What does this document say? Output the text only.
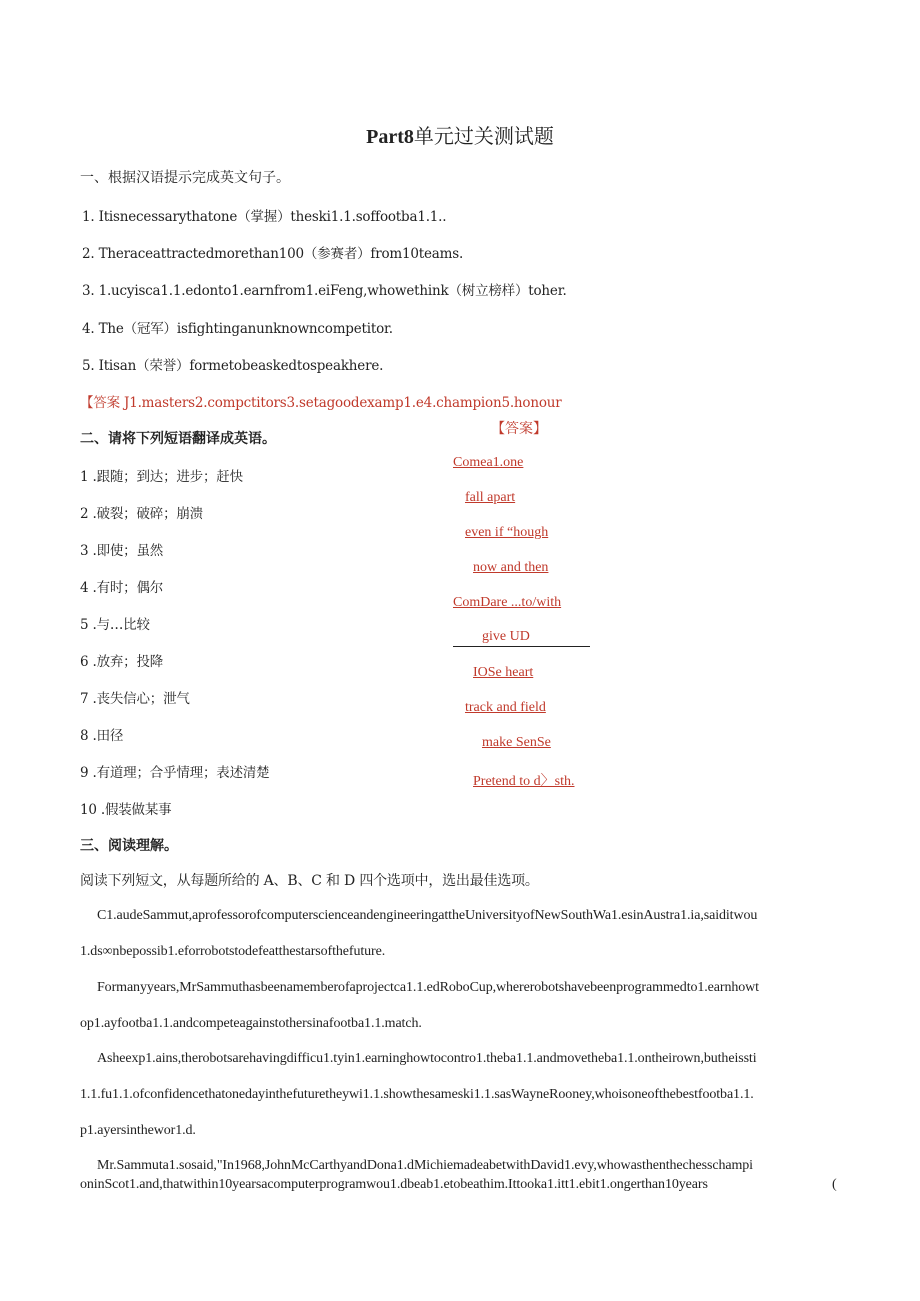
Part8单元过关测试题
一、根据汉语提示完成英文句子。
1. Itisnecessarythatone（掌握）theski1.1.soffootba1.1..
2. Theraceattractedmorethan100（参赛者）from10teams.
3. 1.ucyisca1.1.edonto1.earnfrom1.eiFeng,whowethink（树立榜样）toher.
4. The（冠军）isfightinganunknowncompetitor.
5. Itisan（荣誉）formetobeaskedtospeakhere.
【答案 J1.masters2.compctitors3.setagoodexamp1.e4.champion5.honour
二、请将下列短语翻译成英语。
【答案】
1 .跟随；到达；进步；赶快
2 .破裂；破碎；崩溃
3 .即使；虽然
4 .有时；偶尔
5 .与…比较
6 .放弃；投降
7 .丧失信心；泄气
8 .田径
9 .有道理；合乎情理；表述清楚
10 .假装做某事
Comea1.one
fall apart
even if “hough
now and then
ComDare ...to/with
give UD
IOSe heart
track and field
make SenSe
Pretend to d〉sth.
三、阅读理解。
阅读下列短文，从每题所给的 A、B、C 和 D 四个选项中，选出最佳选项。
C1.audeSammut,aprofessorofcomputerscienceandengineeringattheUniversityofNewSouthWa1.esinAustra1.ia,saiditwou
1.ds∞nbepossib1.eforrobotstodefeatthestarsofthefuture.
Formanyyears,MrSammuthasbeenamemberofaprojectca1.1.edRoboCup,whererobotshavebeenprogrammedto1.earnhowt
op1.ayfootba1.1.andcompeteagainstothersinafootba1.1.match.
Asheexp1.ains,therobotsarehavingdifficu1.tyin1.earninghowtocontro1.theba1.1.andmovetheba1.1.ontheirown,butheissti
1.1.fu1.1.ofconfidencethatonedayinthefuturetheywi1.1.showthesameski1.1.sasWayneRooney,whoisoneofthebestfootba1.1.
p1.ayersinthewor1.d.
Mr.Sammuta1.sosaid,"In1968,JohnMcCarthyandDona1.dMichiemadeabetwithDavid1.evy,whowasthenthechesschampi
oninScot1.and,thatwithin10yearsacomputerprogramwou1.dbeab1.etobeathim.Ittooka1.itt1.ebit1.ongerthan10years	(
